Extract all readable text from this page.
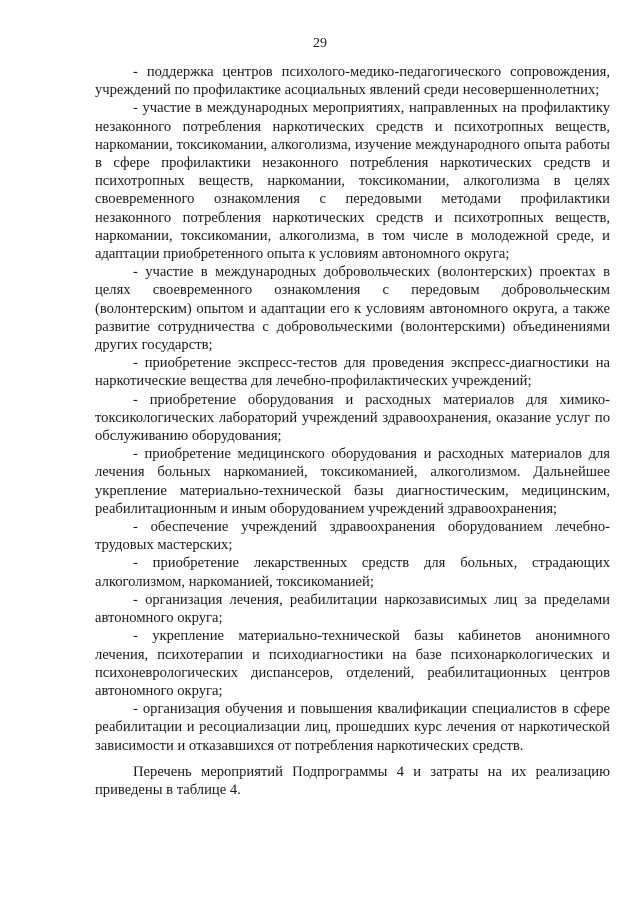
29

- поддержка центров психолого-медико-педагогического сопровождения, учреждений по профилактике асоциальных явлений среди несовершеннолетних;

- участие в международных мероприятиях, направленных на профилактику незаконного потребления наркотических средств и психотропных веществ, наркомании, токсикомании, алкоголизма, изучение международного опыта работы в сфере профилактики незаконного потребления наркотических средств и психотропных веществ, наркомании, токсикомании, алкоголизма в целях своевременного ознакомления с передовыми методами профилактики незаконного потребления наркотических средств и психотропных веществ, наркомании, токсикомании, алкоголизма, в том числе в молодежной среде, и адаптации приобретенного опыта к условиям автономного округа;

- участие в международных добровольческих (волонтерских) проектах в целях своевременного ознакомления с передовым добровольческим (волонтерским) опытом и адаптации его к условиям автономного округа, а также развитие сотрудничества с добровольческими (волонтерскими) объединениями других государств;

- приобретение экспресс-тестов для проведения экспресс-диагностики на наркотические вещества для лечебно-профилактических учреждений;

- приобретение оборудования и расходных материалов для химико-токсикологических лабораторий учреждений здравоохранения, оказание услуг по обслуживанию оборудования;

- приобретение медицинского оборудования и расходных материалов для лечения больных наркоманией, токсикоманией, алкоголизмом. Дальнейшее укрепление материально-технической базы диагностическим, медицинским, реабилитационным и иным оборудованием учреждений здравоохранения;

- обеспечение учреждений здравоохранения оборудованием лечебно-трудовых мастерских;

- приобретение лекарственных средств для больных, страдающих алкоголизмом, наркоманией, токсикоманией;

- организация лечения, реабилитации наркозависимых лиц за пределами автономного округа;

- укрепление материально-технической базы кабинетов анонимного лечения, психотерапии и психодиагностики на базе психонаркологических и психоневрологических диспансеров, отделений, реабилитационных центров автономного округа;

- организация обучения и повышения квалификации специалистов в сфере реабилитации и ресоциализации лиц, прошедших курс лечения от наркотической зависимости и отказавшихся от потребления наркотических средств.

Перечень мероприятий Подпрограммы 4 и затраты на их реализацию приведены в таблице 4.
